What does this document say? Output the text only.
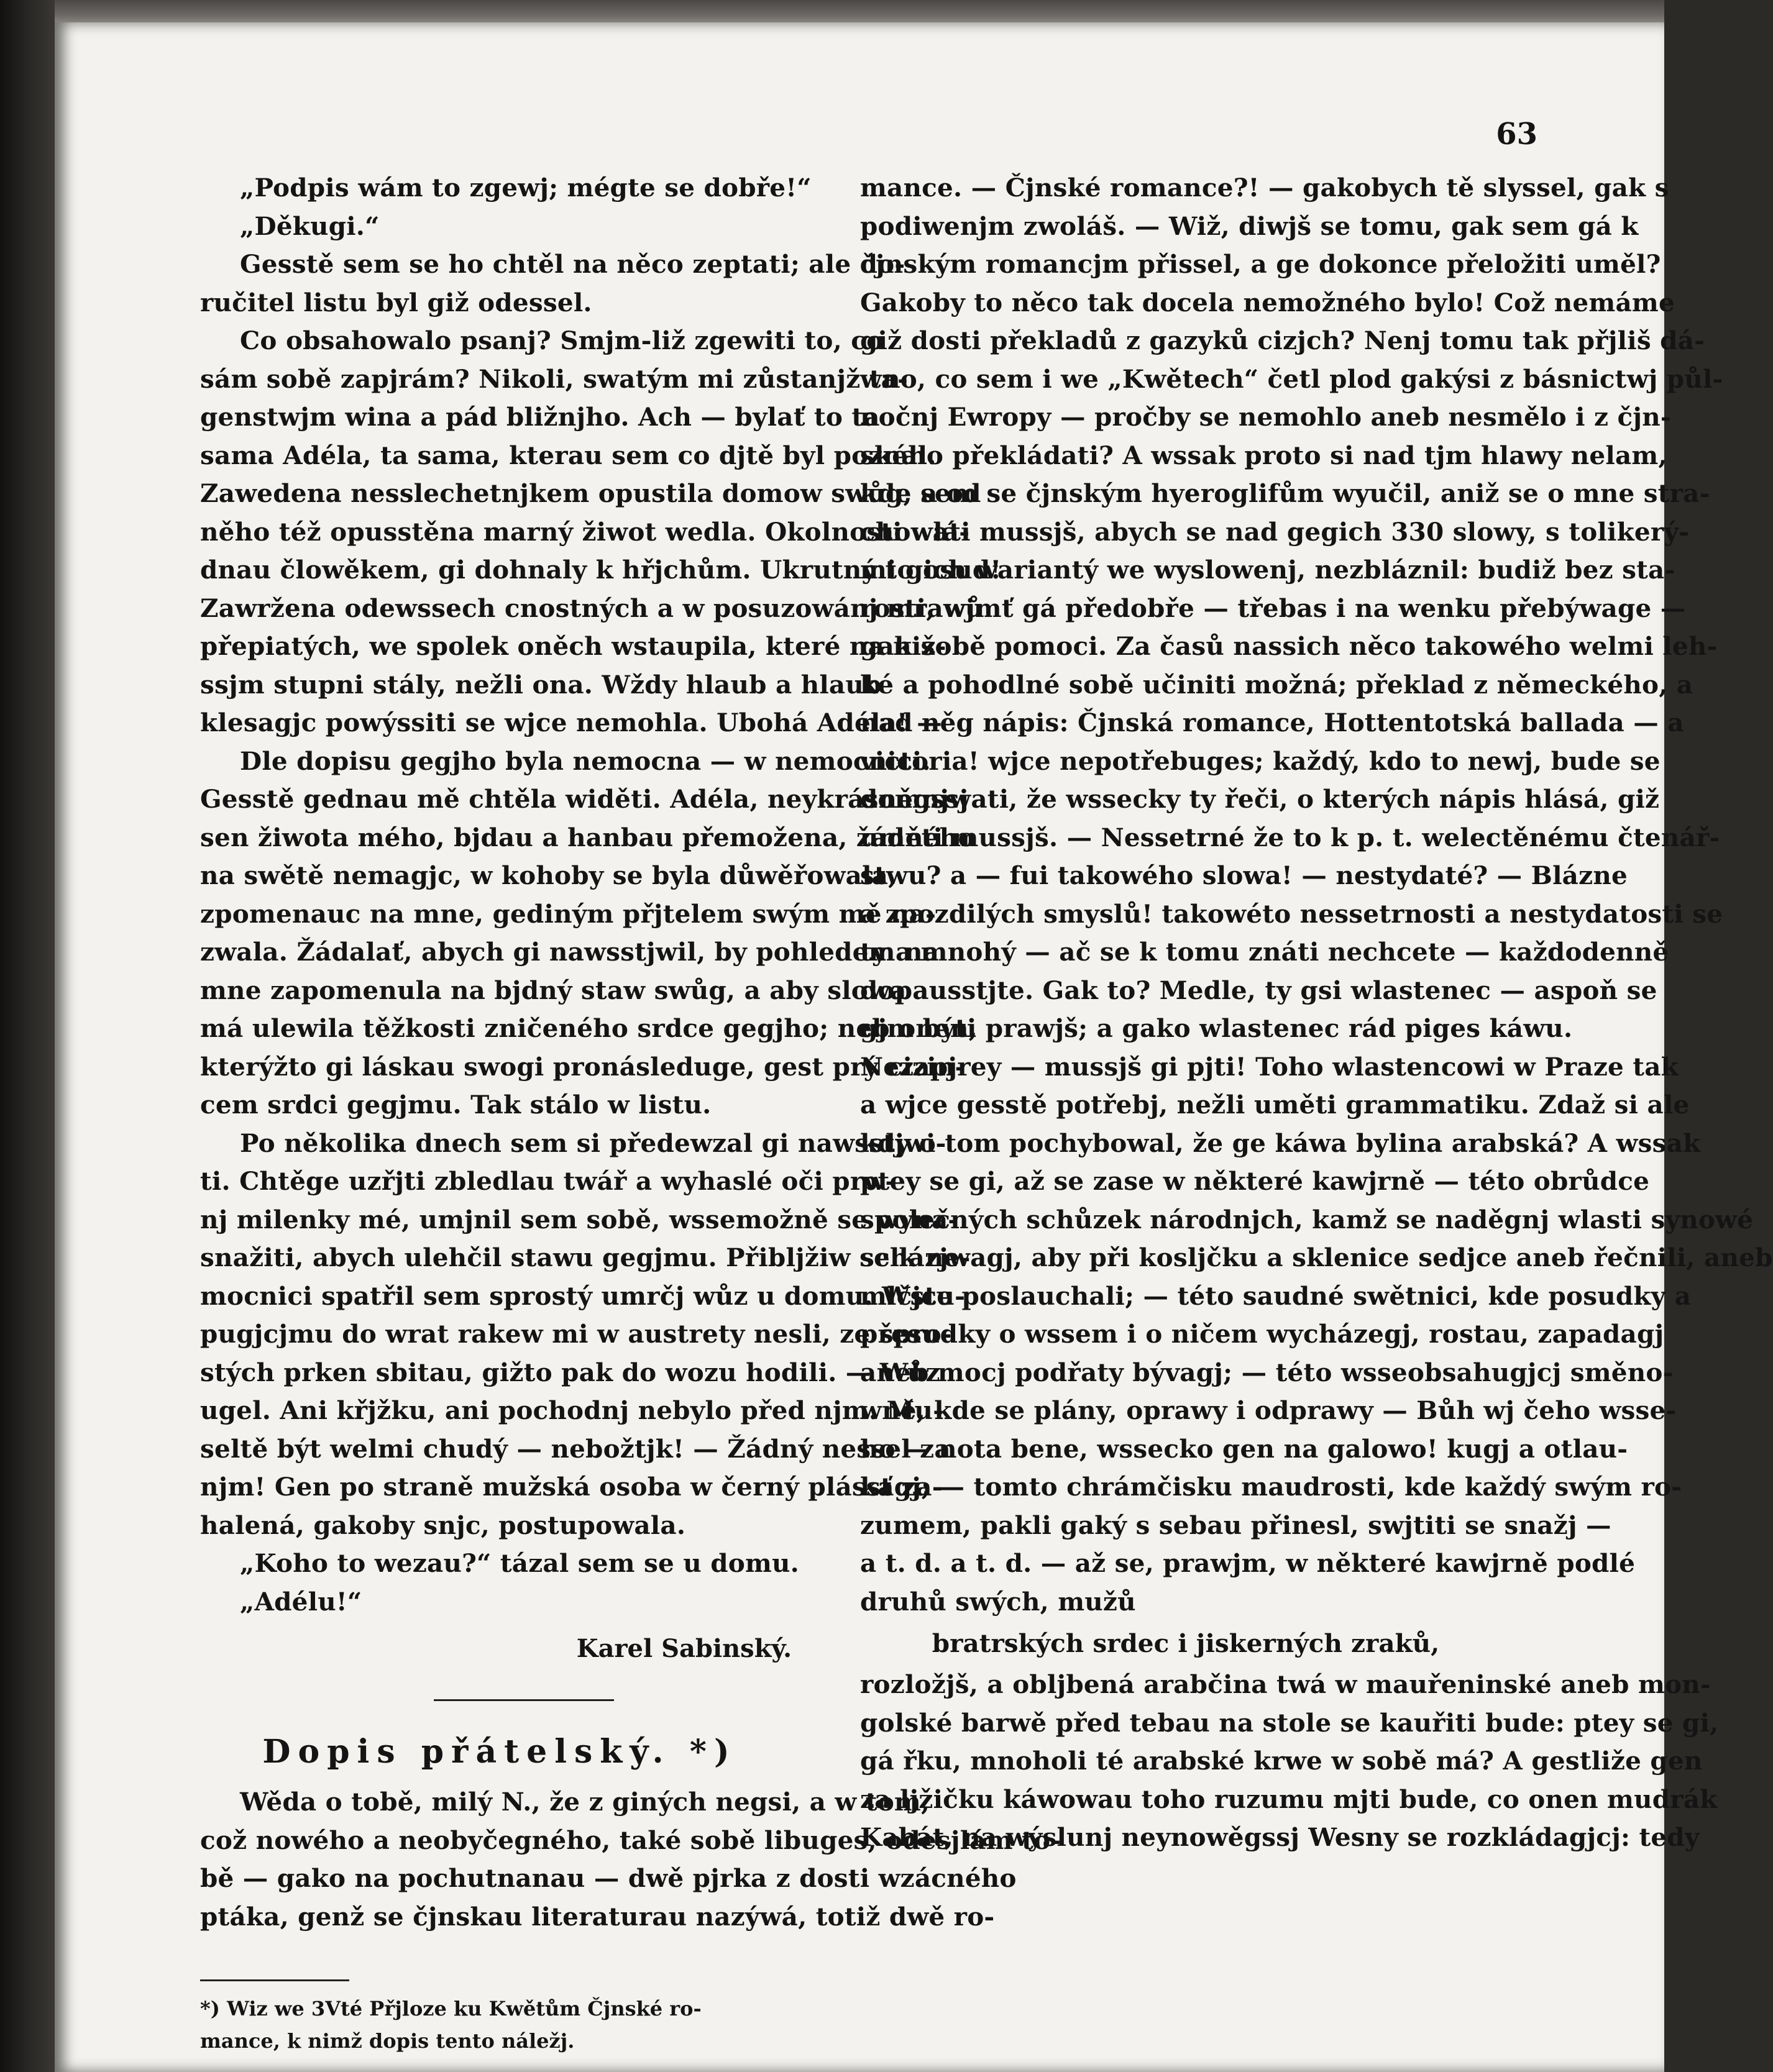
63
„Podpis wám to zgewj; mégte se dobře!“
„Děkugi.“
Gesstě sem se ho chtěl na něco zeptati; ale do-
ručitel listu byl giž odessel.
Co obsahowalo psanj? Smjm-liž zgewiti to, co
sám sobě zapjrám? Nikoli, swatým mi zůstanjž ta-
genstwjm wina a pád bližnjho. Ach — bylať to ta
sama Adéla, ta sama, kterau sem co djtě byl poznal.
Zawedena nesslechetnjkem opustila domow swůg, a od
něho též opusstěna marný žiwot wedla. Okolnosti wlá-
dnau člowěkem, gi dohnaly k hřjchům. Ukrutný to osud!
Zawržena odewssech cnostných a w posuzowánj mrawů
přepiatých, we spolek oněch wstaupila, které na niž-
ssjm stupni stály, nežli ona. Wždy hlaub a hlaub
klesagjc powýssiti se wjce nemohla. Ubohá Adéla! —
Dle dopisu gegjho byla nemocna — w nemocnici.
Gesstě gednau mě chtěla widěti. Adéla, neykrásněgssj
sen žiwota mého, bjdau a hanbau přemožena, žádného
na swětě nemagjc, w kohoby se byla důwěřowala,
zpomenauc na mne, gediným přjtelem swým mě na-
zwala. Žádalať, abych gi nawsstjwil, by pohledem na
mne zapomenula na bjdný staw swůg, a aby slowa
má ulewila těžkosti zničeného srdce gegjho; neb onen,
kterýžto gi láskau swogi pronásleduge, gest prý cizin-
cem srdci gegjmu. Tak stálo w listu.
Po několika dnech sem si předewzal gi nawsstjwi-
ti. Chtěge uzřjti zbledlau twář a wyhaslé oči prw-
nj milenky mé, umjnil sem sobě, wssemožně se wyna-
snažiti, abych ulehčil stawu gegjmu. Přibljžiw se k ne-
mocnici spatřil sem sprostý umrčj wůz u domu. Wstu-
pugjcjmu do wrat rakew mi w austrety nesli, ze spro-
stých prken sbitau, gižto pak do wozu hodili. — Wůz
ugel. Ani křjžku, ani pochodnj nebylo před njm. Mu-
seltě být welmi chudý — nebožtjk! — Žádný nessel za
njm! Gen po straně mužská osoba w černý plássť za-
halená, gakoby snjc, postupowala.
„Koho to wezau?“ tázal sem se u domu.
„Adélu!“
Karel Sabinský.
Dopis přátelský. *)
Wěda o tobě, milý N., že z giných negsi, a w tom,
což nowého a neobyčegného, také sobě libuges, odesjlám to-
bě — gako na pochutnanau — dwě pjrka z dosti wzácného
ptáka, genž se čjnskau literaturau nazýwá, totiž dwě ro-
*) Wiz we 3Vté Přjloze ku Kwětům Čjnské ro-
mance, k nimž dopis tento náležj.
mance. — Čjnské romance?! — gakobych tě slyssel, gak s
podiwenjm zwoláš. — Wiž, diwjš se tomu, gak sem gá k
čjnským romancjm přissel, a ge dokonce přeložiti uměl?
Gakoby to něco tak docela nemožného bylo! Což nemáme
giž dosti překladů z gazyků cizjch? Nenj tomu tak přjliš dá-
wno, co sem i we „Kwětech“ četl plod gakýsi z básnictwj půl-
nočnj Ewropy — pročby se nemohlo aneb nesmělo i z čjn-
ského překládati? A wssak proto si nad tjm hlawy nelam,
kde sem se čjnským hyeroglifům wyučil, aniž se o mne stra-
chowati mussjš, abych se nad gegich 330 slowy, s tolikerý-
mi gich wariantý we wyslowenj, nezbláznil: budiž bez sta-
rosti, wjmť gá předobře — třebas i na wenku přebýwage —
gak sobě pomoci. Za časů nassich něco takowého welmi leh-
ké a pohodlné sobě učiniti možná; překlad z německého, a
nad něg nápis: Čjnská romance, Hottentotská ballada — a
victoria! wjce nepotřebuges; každý, kdo to newj, bude se
domnjwati, že wssecky ty řeči, o kterých nápis hlásá, giž
uměti mussjš. — Nessetrné že to k p. t. welectěnému čtenář-
stwu? a — fui takowého slowa! — nestydaté? — Blázne
a zpozdilých smyslů! takowéto nessetrnosti a nestydatosti se
ty a mnohý — ač se k tomu znáti nechcete — každodenně
dopausstjte. Gak to? Medle, ty gsi wlastenec — aspoň se
gjm býti prawjš; a gako wlastenec rád piges káwu.
Nezapjrey — mussjš gi pjti! Toho wlastencowi w Praze tak
a wjce gesstě potřebj, nežli uměti grammatiku. Zdaž si ale
kdy o tom pochybowal, že ge káwa bylina arabská? A wssak
ptey se gi, až se zase w některé kawjrně — této obrůdce
společných schůzek národnjch, kamž se naděgnj wlasti synowé
scházjwagj, aby při kosljčku a sklenice sedjce aneb řečnili, aneb
mlčjce poslauchali; — této saudné swětnici, kde posudky a
přesudky o wssem i o ničem wycházegj, rostau, zapadagj
aneb mocj podřaty bývagj; — této wsseobsahugjcj směno-
wně, kde se plány, oprawy i odprawy — Bůh wj čeho wsse-
ho — nota bene, wssecko gen na galowo! kugj a otlau-
kagj; — tomto chrámčisku maudrosti, kde každý swým ro-
zumem, pakli gaký s sebau přinesl, swjtiti se snažj —
a t. d. a t. d. — až se, prawjm, w některé kawjrně podlé
druhů swých, mužů
bratrských srdec i jiskerných zraků,
rozložjš, a obljbená arabčina twá w mauřeninské aneb mon-
golské barwě před tebau na stole se kauřiti bude: ptey se gi,
gá řku, mnoholi té arabské krwe w sobě má? A gestližе gen
za ljžičku káwowau toho ruzumu mjti bude, co onen mudrák
Kabát, na wýslunj neynowěgssj Wesny se rozkládagjcj: tedy
